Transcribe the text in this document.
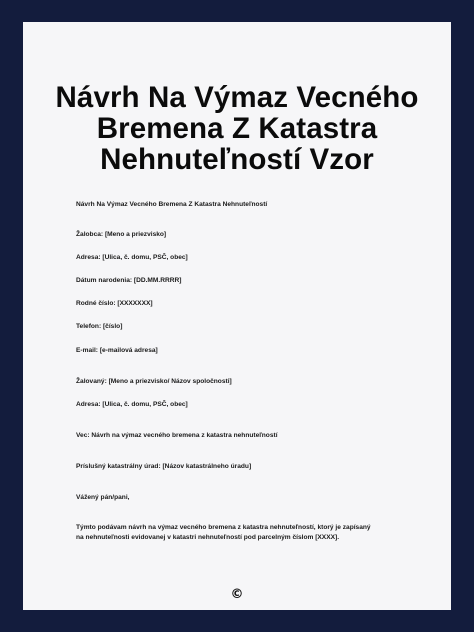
Návrh Na Výmaz Vecného
Bremena Z Katastra
Nehnuteľností Vzor

Návrh Na Výmaz Vecného Bremena Z Katastra Nehnuteľností

Žalobca: [Meno a priezvisko]

Adresa: [Ulica, č. domu, PSČ, obec]

Dátum narodenia: [DD.MM.RRRR]

Rodné číslo: [XXXXXXX]

Telefon: [číslo]

E-mail: [e-mailová adresa]

Žalovaný: [Meno a priezvisko/ Názov spoločnosti]

Adresa: [Ulica, č. domu, PSČ, obec]

Vec: Návrh na výmaz vecného bremena z katastra nehnuteľností

Príslušný katastrálny úrad: [Názov katastrálneho úradu]

Vážený pán/pani,

Týmto podávam návrh na výmaz vecného bremena z katastra nehnuteľností, ktorý je zapísaný na nehnuteľnosti evidovanej v katastri nehnuteľností pod parcelným číslom [XXXX].

©
